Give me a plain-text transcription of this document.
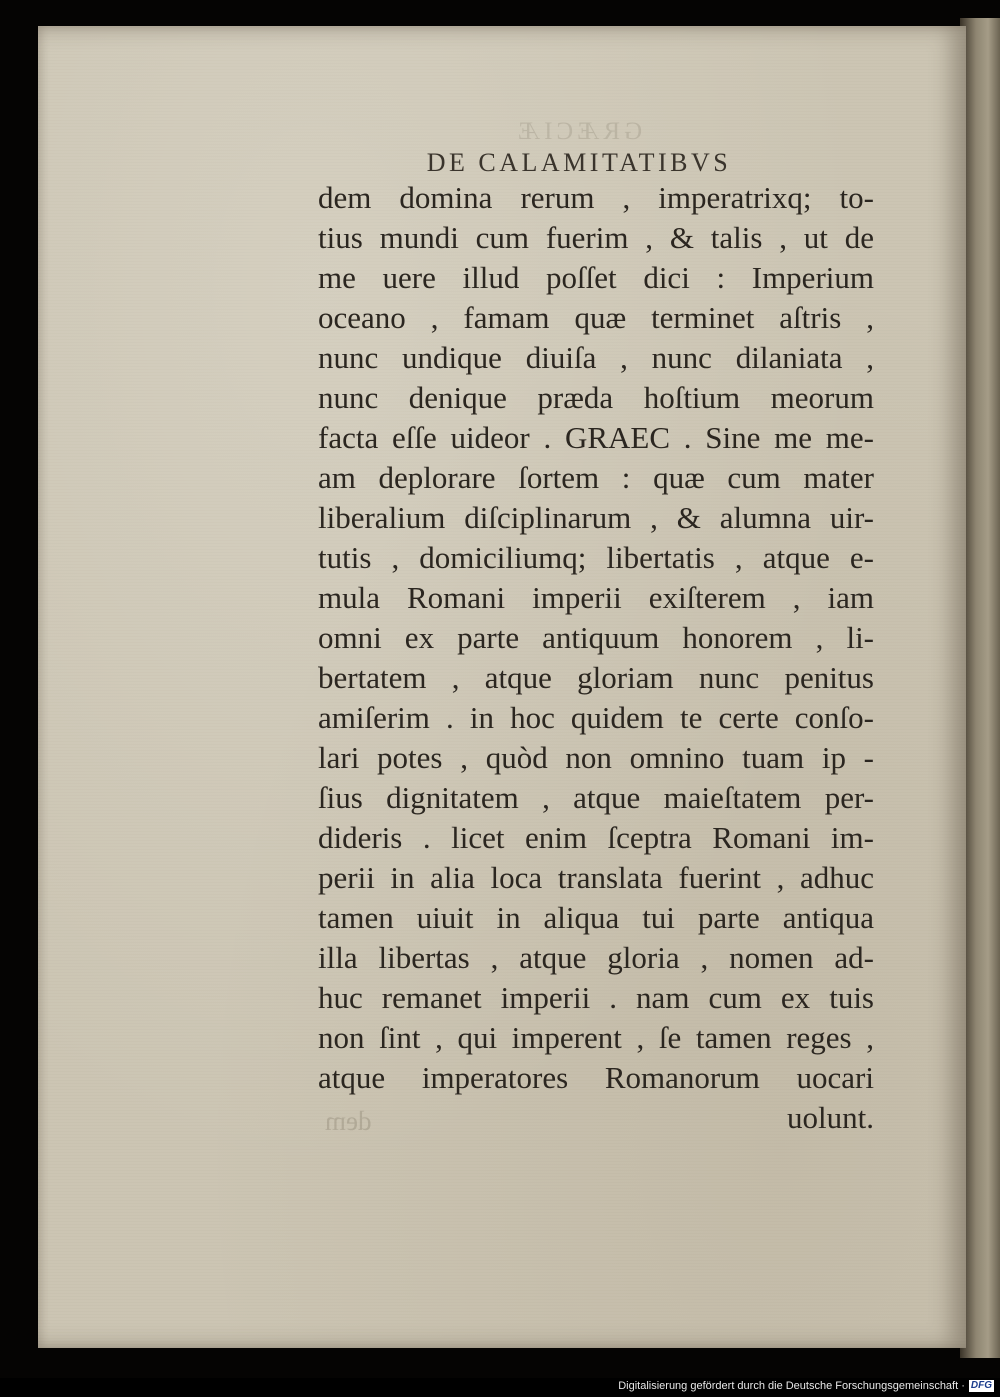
GRÆCIÆ
DE CALAMITATIBVS
dem domina rerum , imperatrixq; to-
tius mundi cum fuerim , & talis , ut de
me uere illud poſſet dici : Imperium
oceano , famam quæ terminet aſtris ,
nunc undique diuiſa , nunc dilaniata ,
nunc denique præda hoſtium meorum
facta eſſe uideor . GRAEC . Sine me me-
am deplorare ſortem : quæ cum mater
liberalium diſciplinarum , & alumna uir-
tutis , domiciliumq; libertatis , atque e-
mula Romani imperii exiſterem , iam
omni ex parte antiquum honorem , li-
bertatem , atque gloriam nunc penitus
amiſerim . in hoc quidem te certe conſo-
lari potes , quòd non omnino tuam ip -
ſius dignitatem , atque maieſtatem per-
dideris . licet enim ſceptra Romani im-
perii in alia loca translata fuerint , adhuc
tamen uiuit in aliqua tui parte antiqua
illa libertas , atque gloria , nomen ad-
huc remanet imperii . nam cum ex tuis
non ſint , qui imperent , ſe tamen reges ,
atque imperatores Romanorum uocari
uolunt.
dem
Digitalisierung gefördert durch die Deutsche Forschungsgemeinschaft · DFG
